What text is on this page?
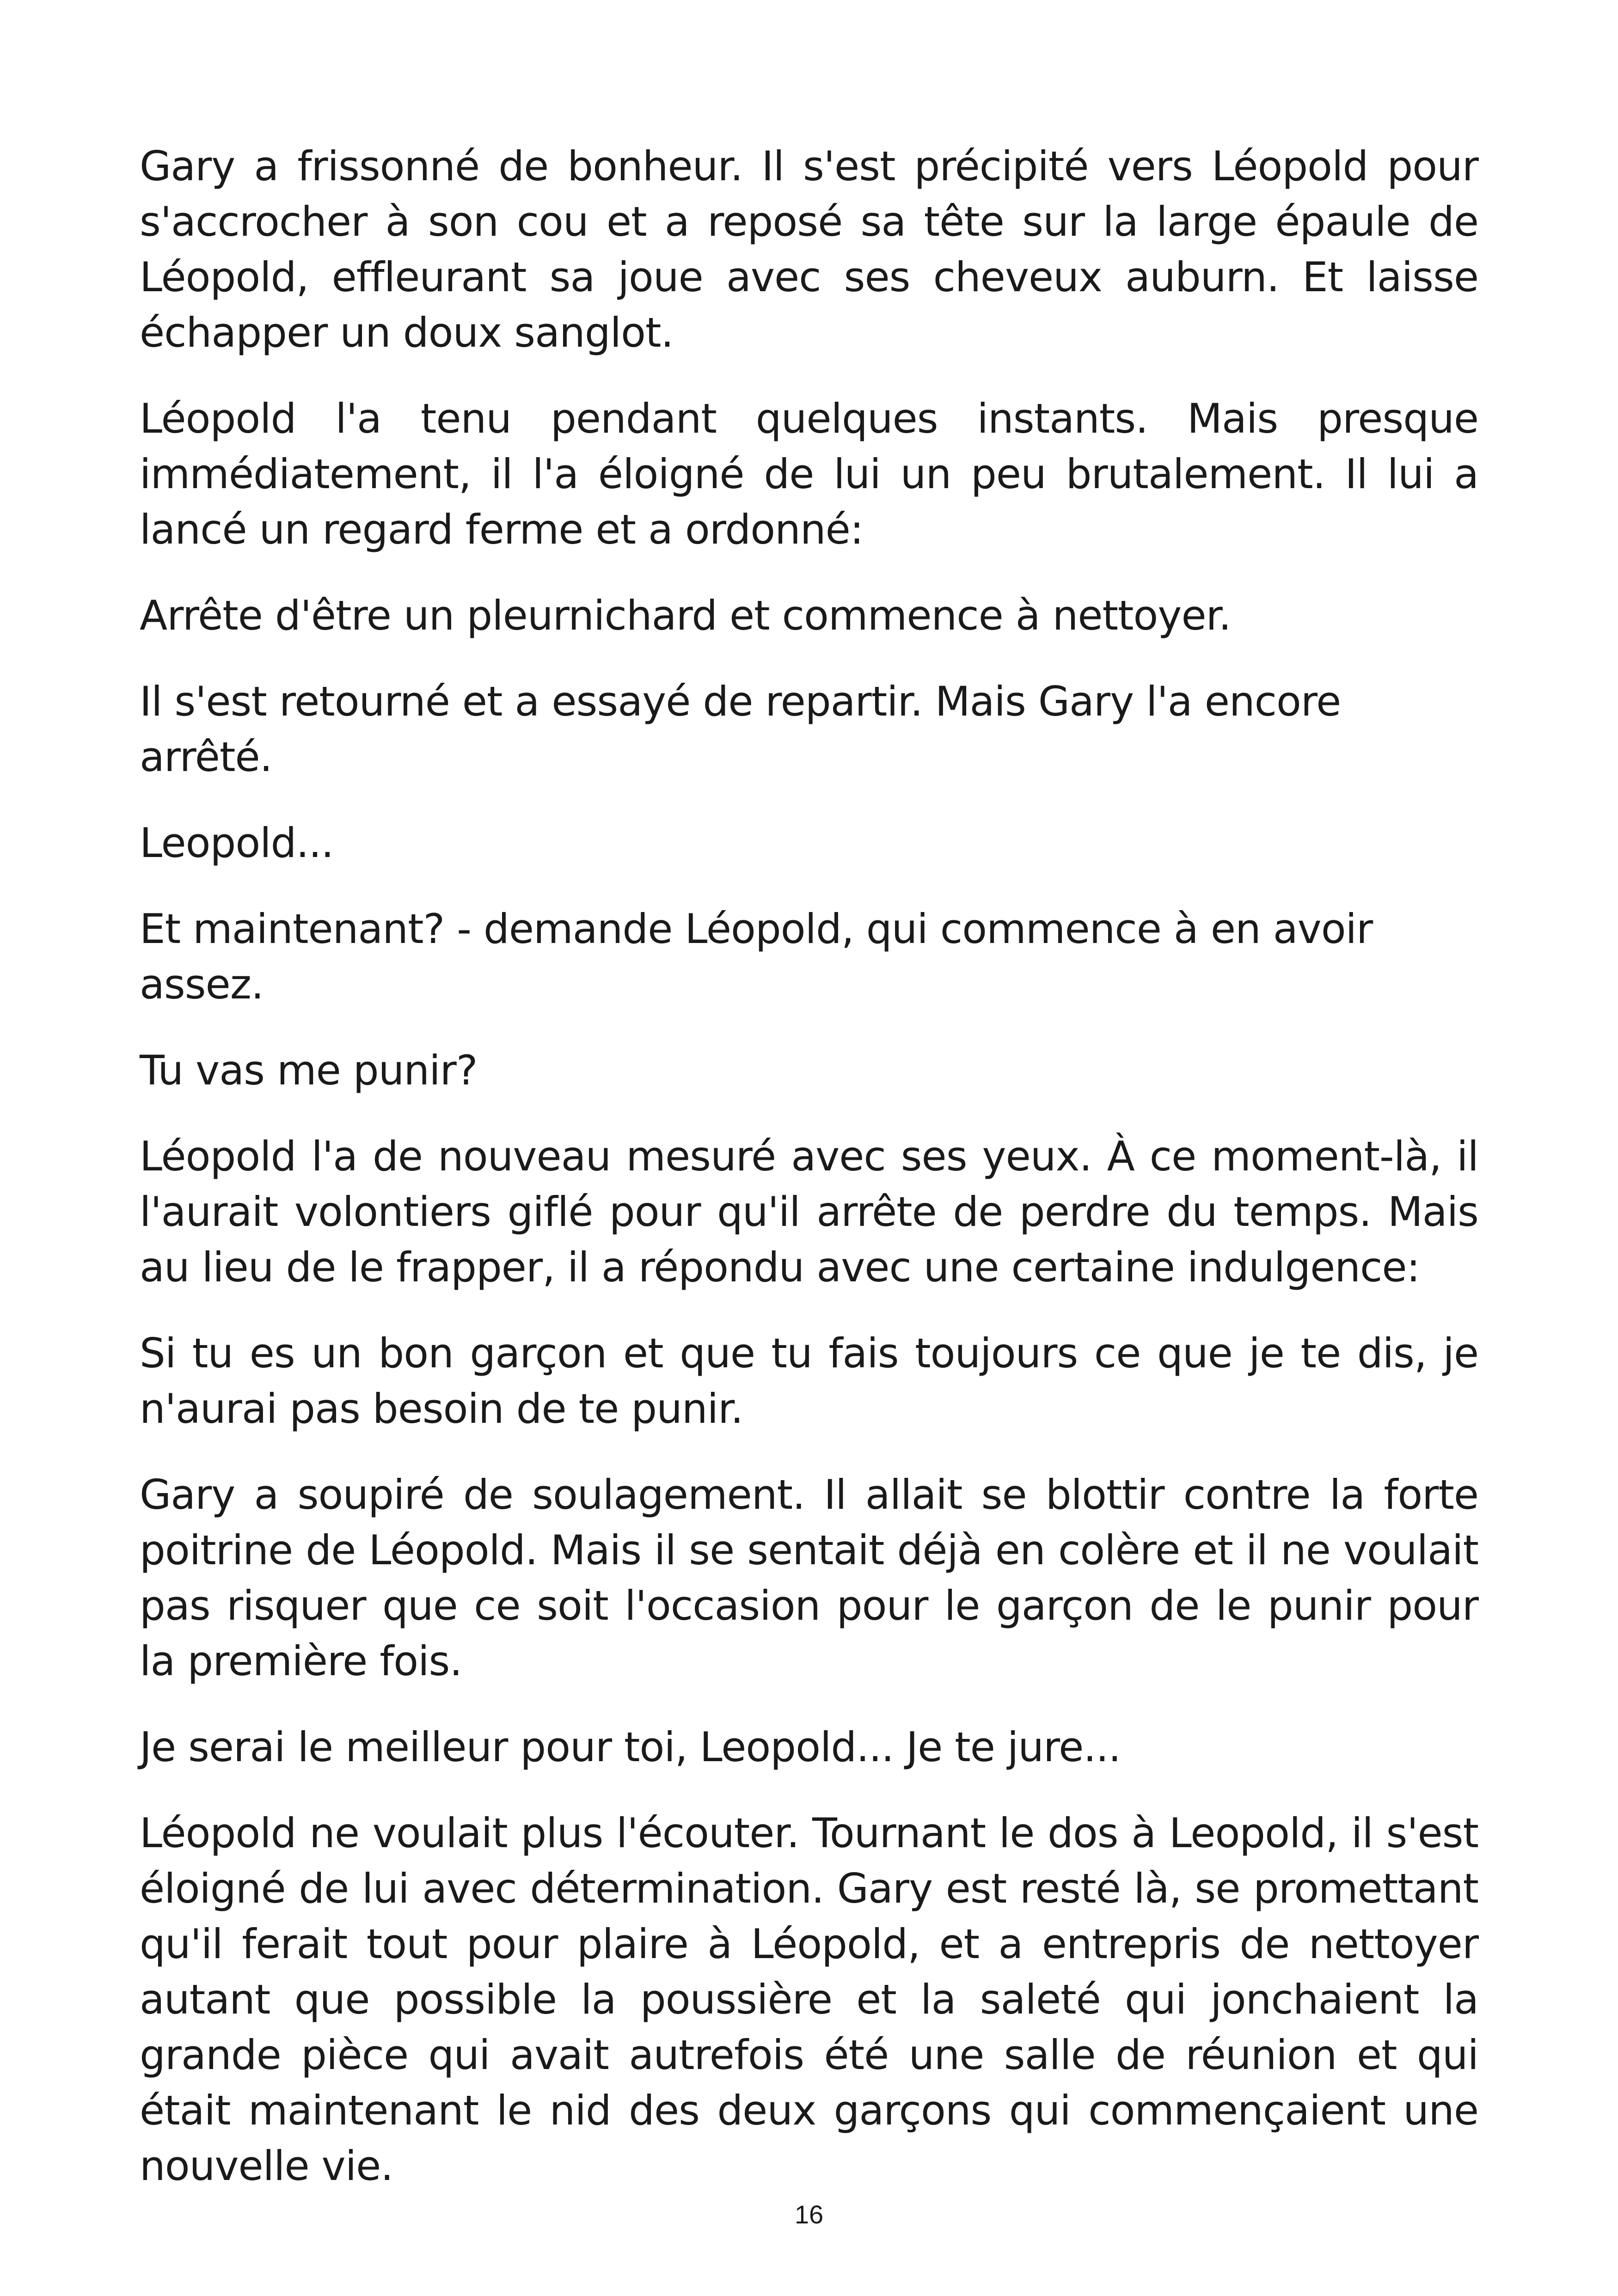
Gary a frissonné de bonheur. Il s'est précipité vers Léopold pour s'accrocher à son cou et a reposé sa tête sur la large épaule de Léopold, effleurant sa joue avec ses cheveux auburn. Et laisse échapper un doux sanglot.

Léopold l'a tenu pendant quelques instants. Mais presque immédiatement, il l'a éloigné de lui un peu brutalement. Il lui a lancé un regard ferme et a ordonné:

Arrête d'être un pleurnichard et commence à nettoyer.

Il s'est retourné et a essayé de repartir. Mais Gary l'a encore arrêté.

Leopold...

Et maintenant? - demande Léopold, qui commence à en avoir assez.

Tu vas me punir?

Léopold l'a de nouveau mesuré avec ses yeux. À ce moment-là, il l'aurait volontiers giflé pour qu'il arrête de perdre du temps. Mais au lieu de le frapper, il a répondu avec une certaine indulgence:

Si tu es un bon garçon et que tu fais toujours ce que je te dis, je n'aurai pas besoin de te punir.

Gary a soupiré de soulagement. Il allait se blottir contre la forte poitrine de Léopold. Mais il se sentait déjà en colère et il ne voulait pas risquer que ce soit l'occasion pour le garçon de le punir pour la première fois.

Je serai le meilleur pour toi, Leopold... Je te jure...

Léopold ne voulait plus l'écouter. Tournant le dos à Leopold, il s'est éloigné de lui avec détermination. Gary est resté là, se promettant qu'il ferait tout pour plaire à Léopold, et a entrepris de nettoyer autant que possible la poussière et la saleté qui jonchaient la grande pièce qui avait autrefois été une salle de réunion et qui était maintenant le nid des deux garçons qui commençaient une nouvelle vie.

16
